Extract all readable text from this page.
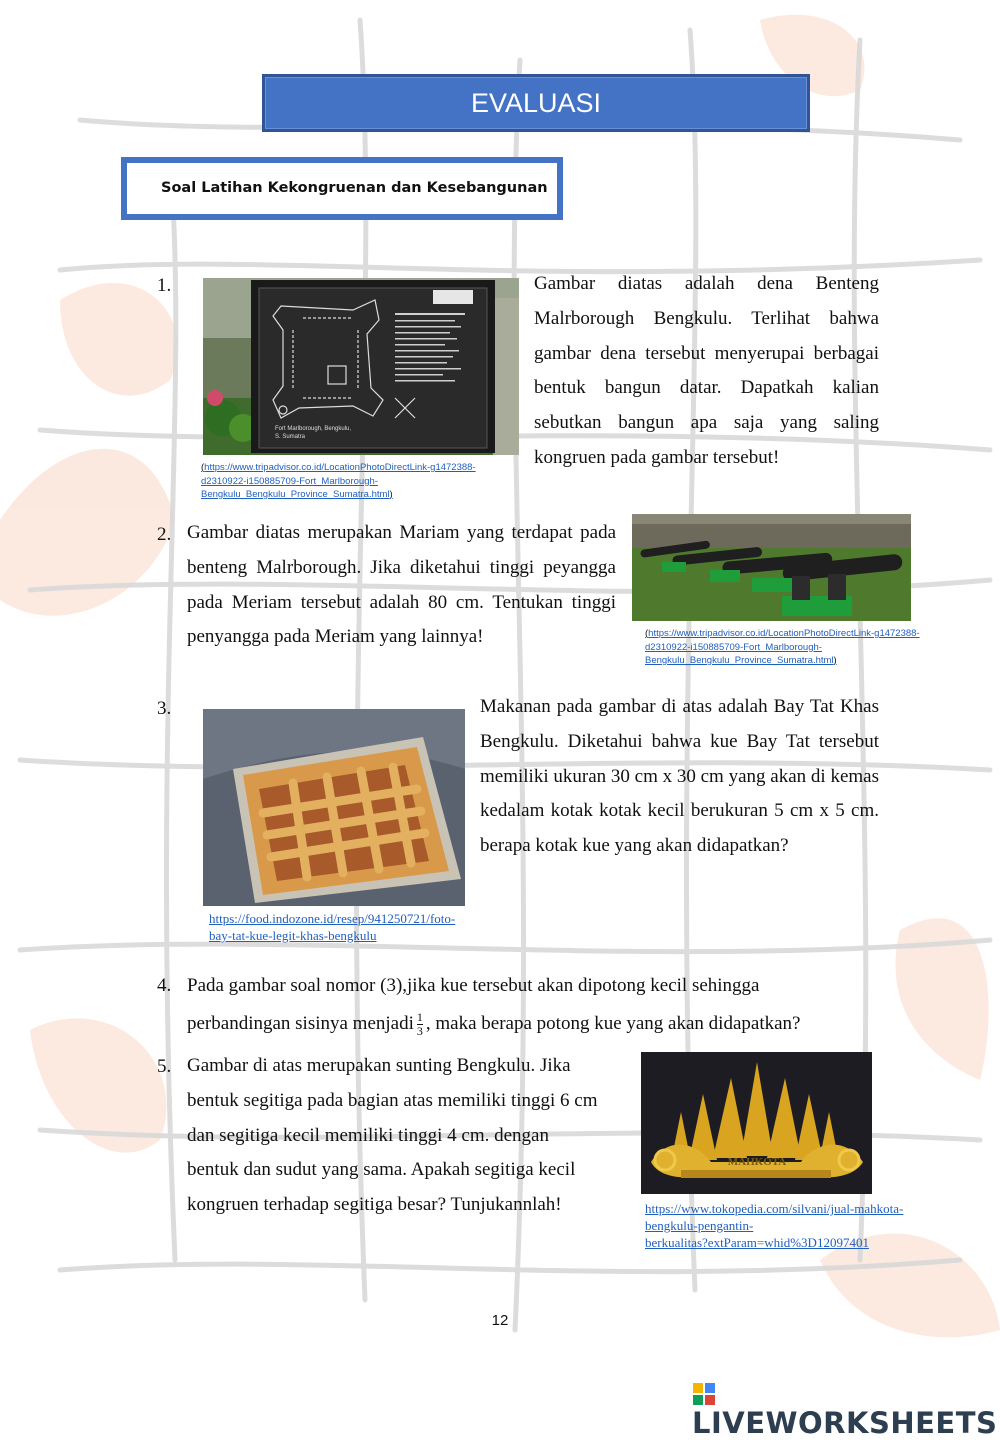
EVALUASI
Soal Latihan Kekongruenan dan Kesebangunan
1.
Fort Marlborough, Bengkulu,
S. Sumatra
Gambar diatas adalah dena Benteng Malrborough Bengkulu. Terlihat bahwa gambar dena tersebut menyerupai berbagai bentuk bangun datar. Dapatkah kalian sebutkan bangun apa saja yang saling kongruen pada gambar tersebut!
(https://www.tripadvisor.co.id/LocationPhotoDirectLink-g1472388-
d2310922-i150885709-Fort_Marlborough-
Bengkulu_Bengkulu_Province_Sumatra.html)
2. Gambar diatas merupakan Mariam yang terdapat pada benteng Malrborough. Jika diketahui tinggi peyangga pada Meriam tersebut adalah 80 cm. Tentukan tinggi penyangga pada Meriam yang lainnya!	(https://www.tripadvisor.co.id/LocationPhotoDirectLink-g1472388-
d2310922-i150885709-Fort_Marlborough-
Bengkulu_Bengkulu_Province_Sumatra.html)
3.	Makanan pada gambar di atas adalah Bay Tat Khas Bengkulu. Diketahui bahwa kue Bay Tat tersebut memiliki ukuran 30 cm x 30 cm yang akan di kemas kedalam kotak kotak kecil berukuran 5 cm x 5 cm. berapa kotak kue yang akan didapatkan?
https://food.indozone.id/resep/941250721/foto-
bay-tat-kue-legit-khas-bengkulu
4. Pada gambar soal nomor (3),jika kue tersebut akan dipotong kecil sehingga
perbandingan sisinya menjadi $\frac{1}{3}$ , maka berapa potong kue yang akan didapatkan?
5. Gambar di atas merupakan sunting Bengkulu. Jika
bentuk segitiga pada bagian atas memiliki tinggi 6 cm
dan segitiga kecil memiliki tinggi 4 cm. dengan
bentuk dan sudut yang sama. Apakah segitiga kecil
kongruen terhadap segitiga besar? Tunjukannlah!
MAHKOTA
https://www.tokopedia.com/silvani/jual-mahkota-
bengkulu-pengantin-
berkualitas?extParam=whid%3D12097401
12
LIVEWORKSHEETS
